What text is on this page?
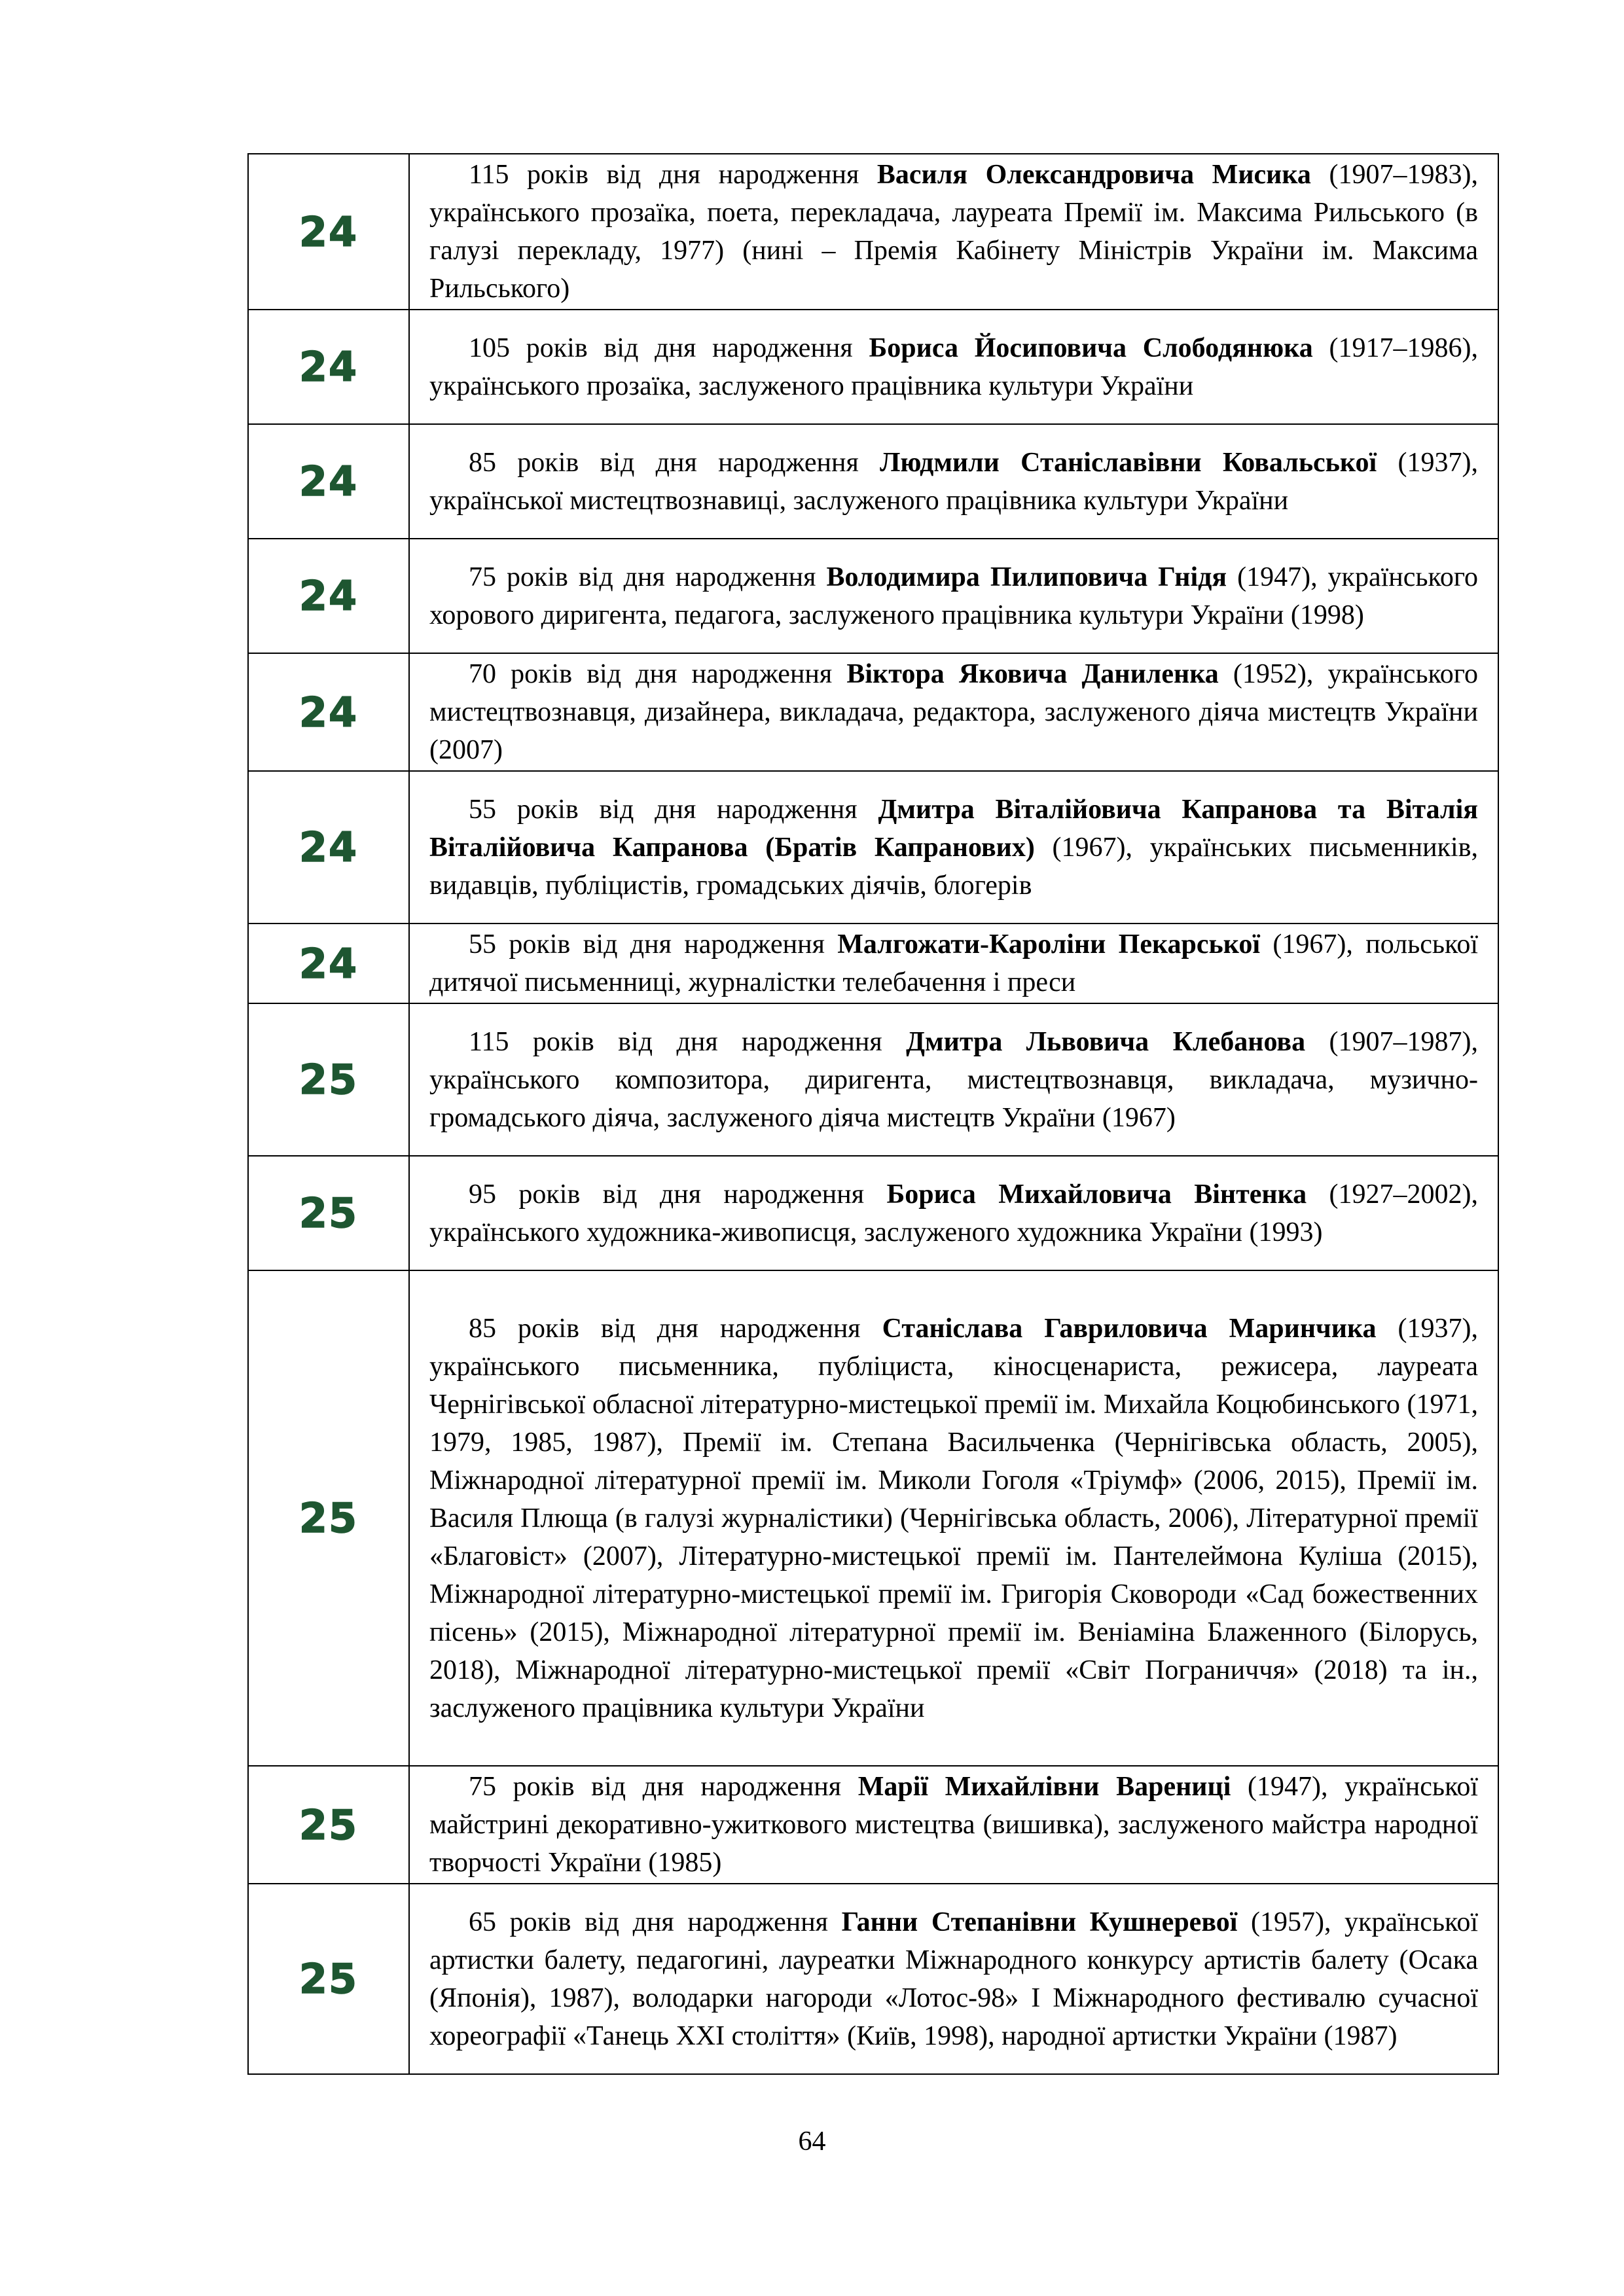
24	115 років від дня народження Василя Олександровича Мисика (1907–1983), українського прозаїка, поета, перекладача, лауреата Премії ім. Максима Рильського (в галузі перекладу, 1977) (нині – Премія Кабінету Міністрів України ім. Максима Рильського)

24	105 років від дня народження Бориса Йосиповича Слободянюка (1917–1986), українського прозаїка, заслуженого працівника культури України

24	85 років від дня народження Людмили Станіславівни Ковальської (1937), української мистецтвознавиці, заслуженого працівника культури України

24	75 років від дня народження Володимира Пилиповича Гнідя (1947), українського хорового диригента, педагога, заслуженого працівника культури України (1998)

24	70 років від дня народження Віктора Яковича Даниленка (1952), українського мистецтвознавця, дизайнера, викладача, редактора, заслуженого діяча мистецтв України (2007)

24	55 років від дня народження Дмитра Віталійовича Капранова та Віталія Віталійовича Капранова (Братів Капранових) (1967), українських письменників, видавців, публіцистів, громадських діячів, блогерів

24	55 років від дня народження Малгожати-Кароліни Пекарської (1967), польської дитячої письменниці, журналістки телебачення і преси

25	115 років від дня народження Дмитра Львовича Клебанова (1907–1987), українського композитора, диригента, мистецтвознавця, викладача, музично-громадського діяча, заслуженого діяча мистецтв України (1967)

25	95 років від дня народження Бориса Михайловича Вінтенка (1927–2002), українського художника-живописця, заслуженого художника України (1993)

25	85 років від дня народження Станіслава Гавриловича Маринчика (1937), українського письменника, публіциста, кіносценариста, режисера, лауреата Чернігівської обласної літературно-мистецької премії ім. Михайла Коцюбинського (1971, 1979, 1985, 1987), Премії ім. Степана Васильченка (Чернігівська область, 2005), Міжнародної літературної премії ім. Миколи Гоголя «Тріумф» (2006, 2015), Премії ім. Василя Плюща (в галузі журналістики) (Чернігівська область, 2006), Літературної премії «Благовіст» (2007), Літературно-мистецької премії ім. Пантелеймона Куліша (2015), Міжнародної літературно-мистецької премії ім. Григорія Сковороди «Сад божественних пісень» (2015), Міжнародної літературної премії ім. Веніаміна Блаженного (Білорусь, 2018), Міжнародної літературно-мистецької премії «Світ Пограниччя» (2018) та ін., заслуженого працівника культури України

25	75 років від дня народження Марії Михайлівни Варениці (1947), української майстрині декоративно-ужиткового мистецтва (вишивка), заслуженого майстра народної творчості України (1985)

25	65 років від дня народження Ганни Степанівни Кушнеревої (1957), української артистки балету, педагогині, лауреатки Міжнародного конкурсу артистів балету (Осака (Японія), 1987), володарки нагороди «Лотос-98» І Міжнародного фестивалю сучасної хореографії «Танець ХХІ століття» (Київ, 1998), народної артистки України (1987)

64
